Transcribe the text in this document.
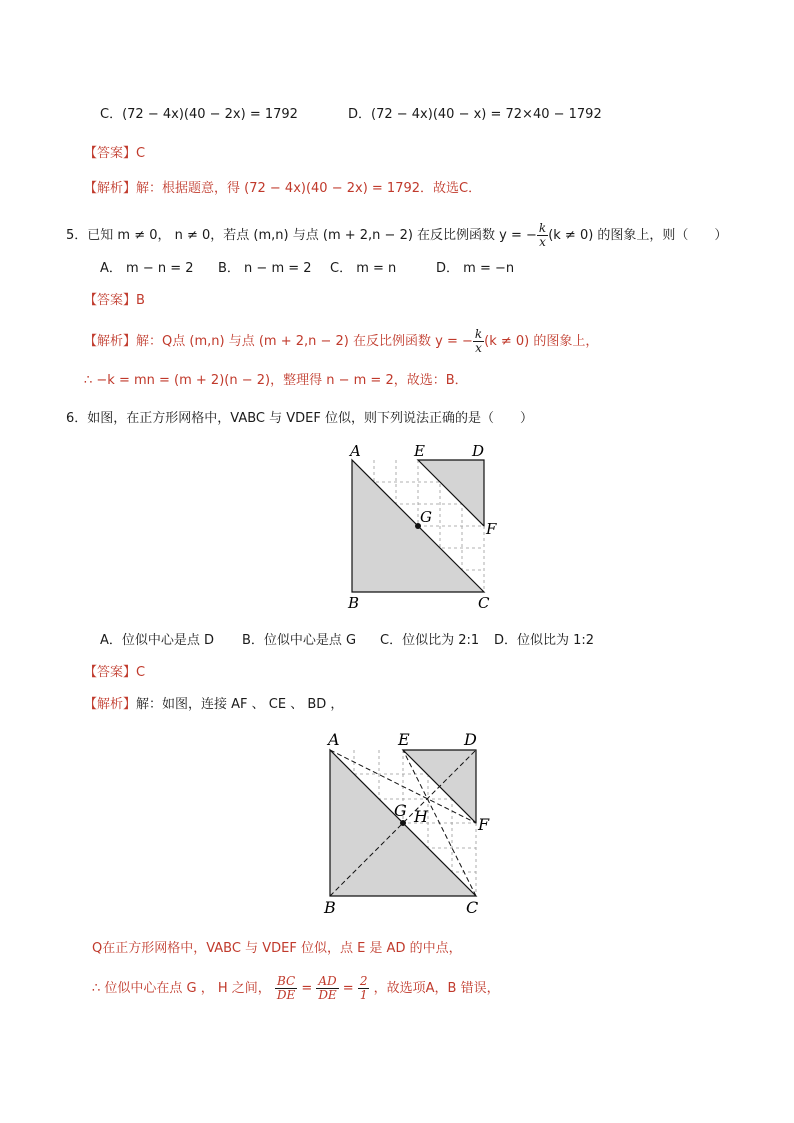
C．(72 − 4x)(40 − 2x) = 1792	D．(72 − 4x)(40 − x) = 72×40 − 1792
【答案】C
【解析】解：根据题意，得 (72 − 4x)(40 − 2x) = 1792．故选C．
5．已知 m ≠ 0， n ≠ 0，若点 (m,n) 与点 (m + 2,n − 2) 在反比例函数 y = − $\frac{k}{x} (k \ne 0)$ 的图象上，则（　　）
A． m − n = 2 B． n − m = 2 C． m = n	D． m = −n
【答案】B
【解析】解：Q点 (m,n) 与点 (m + 2,n − 2) 在反比例函数 y = − $\frac{k}{x} (k \ne 0)$ 的图象上，
∴ −k = mn = (m + 2)(n − 2)，整理得 n − m = 2，故选：B．
6．如图，在正方形网格中，VABC 与 VDEF 位似，则下列说法正确的是（　　）
A	E	D
G
F
B	C
A．位似中心是点 D B．位似中心是点 G C．位似比为 2:1 D．位似比为 1:2
【答案】C
【解析】解：如图，连接 AF 、 CE 、 BD ，
A	E	D
G H	F
B	C
Q在正方形网格中，VABC 与 VDEF 位似，点 E 是 AD 的中点，
∴ 位似中心在点 G ， H 之间， $\frac{BC}{DE} = \frac{AD}{DE} = \frac{2}{1}$ ，故选项A，B 错误，
